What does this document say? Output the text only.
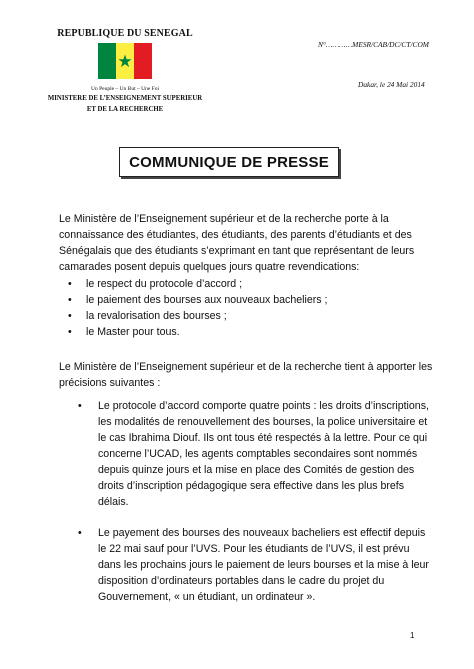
REPUBLIQUE DU SENEGAL
Un Peuple – Un But – Une Foi
MINISTERE DE L’ENSEIGNEMENT SUPERIEUR
ET DE LA RECHERCHE
N°…………MESR/CAB/DC/CT/COM
Dakar, le 24 Mai 2014
COMMUNIQUE DE PRESSE

Le Ministère de l’Enseignement supérieur et de la recherche porte à la connaissance des étudiantes, des étudiants, des parents d’étudiants et des Sénégalais que des étudiants s’exprimant en tant que représentant de leurs camarades posent depuis quelques jours quatre revendications:

• le respect du protocole d’accord ;
• le paiement des bourses aux nouveaux bacheliers ;
• la revalorisation des bourses ;
• le Master pour tous.

Le Ministère de l’Enseignement supérieur et de la recherche tient à apporter les précisions suivantes :

• Le protocole d’accord comporte quatre points : les droits d’inscriptions, les modalités de renouvellement des bourses, la police universitaire et le cas Ibrahima Diouf. Ils ont tous été respectés à la lettre. Pour ce qui concerne l’UCAD, les agents comptables secondaires sont nommés depuis quinze jours et la mise en place des Comités de gestion des droits d’inscription pédagogique sera effective dans les plus brefs délais.
• Le payement des bourses des nouveaux bacheliers est effectif depuis le 22 mai sauf pour l’UVS. Pour les étudiants de l’UVS, il est prévu dans les prochains jours le paiement de leurs bourses et la mise à leur disposition d’ordinateurs portables dans le cadre du projet du Gouvernement, « un étudiant, un ordinateur ».
1
